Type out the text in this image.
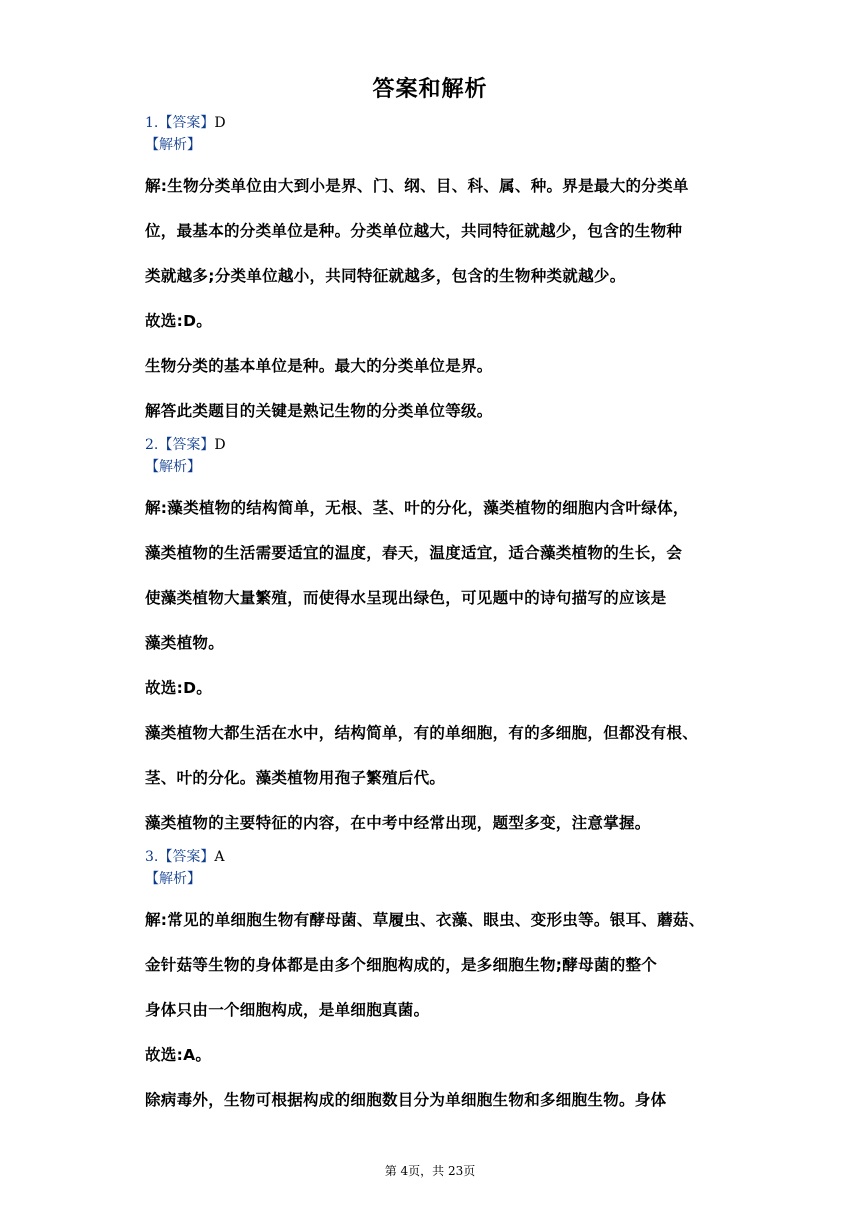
答案和解析
1.【答案】D
【解析】
解:生物分类单位由大到小是界、门、纲、目、科、属、种。界是最大的分类单
位，最基本的分类单位是种。分类单位越大，共同特征就越少，包含的生物种
类就越多;分类单位越小，共同特征就越多，包含的生物种类就越少。
故选:D。
生物分类的基本单位是种。最大的分类单位是界。
解答此类题目的关键是熟记生物的分类单位等级。
2.【答案】D
【解析】
解:藻类植物的结构简单，无根、茎、叶的分化，藻类植物的细胞内含叶绿体，
藻类植物的生活需要适宜的温度，春天，温度适宜，适合藻类植物的生长，会
使藻类植物大量繁殖，而使得水呈现出绿色，可见题中的诗句描写的应该是
藻类植物。
故选:D。
藻类植物大都生活在水中，结构简单，有的单细胞，有的多细胞，但都没有根、
茎、叶的分化。藻类植物用孢子繁殖后代。
藻类植物的主要特征的内容，在中考中经常出现，题型多变，注意掌握。
3.【答案】A
【解析】
解:常见的单细胞生物有酵母菌、草履虫、衣藻、眼虫、变形虫等。银耳、蘑菇、
金针菇等生物的身体都是由多个细胞构成的，是多细胞生物;酵母菌的整个
身体只由一个细胞构成，是单细胞真菌。
故选:A。
除病毒外，生物可根据构成的细胞数目分为单细胞生物和多细胞生物。身体
第 4页，共 23页
